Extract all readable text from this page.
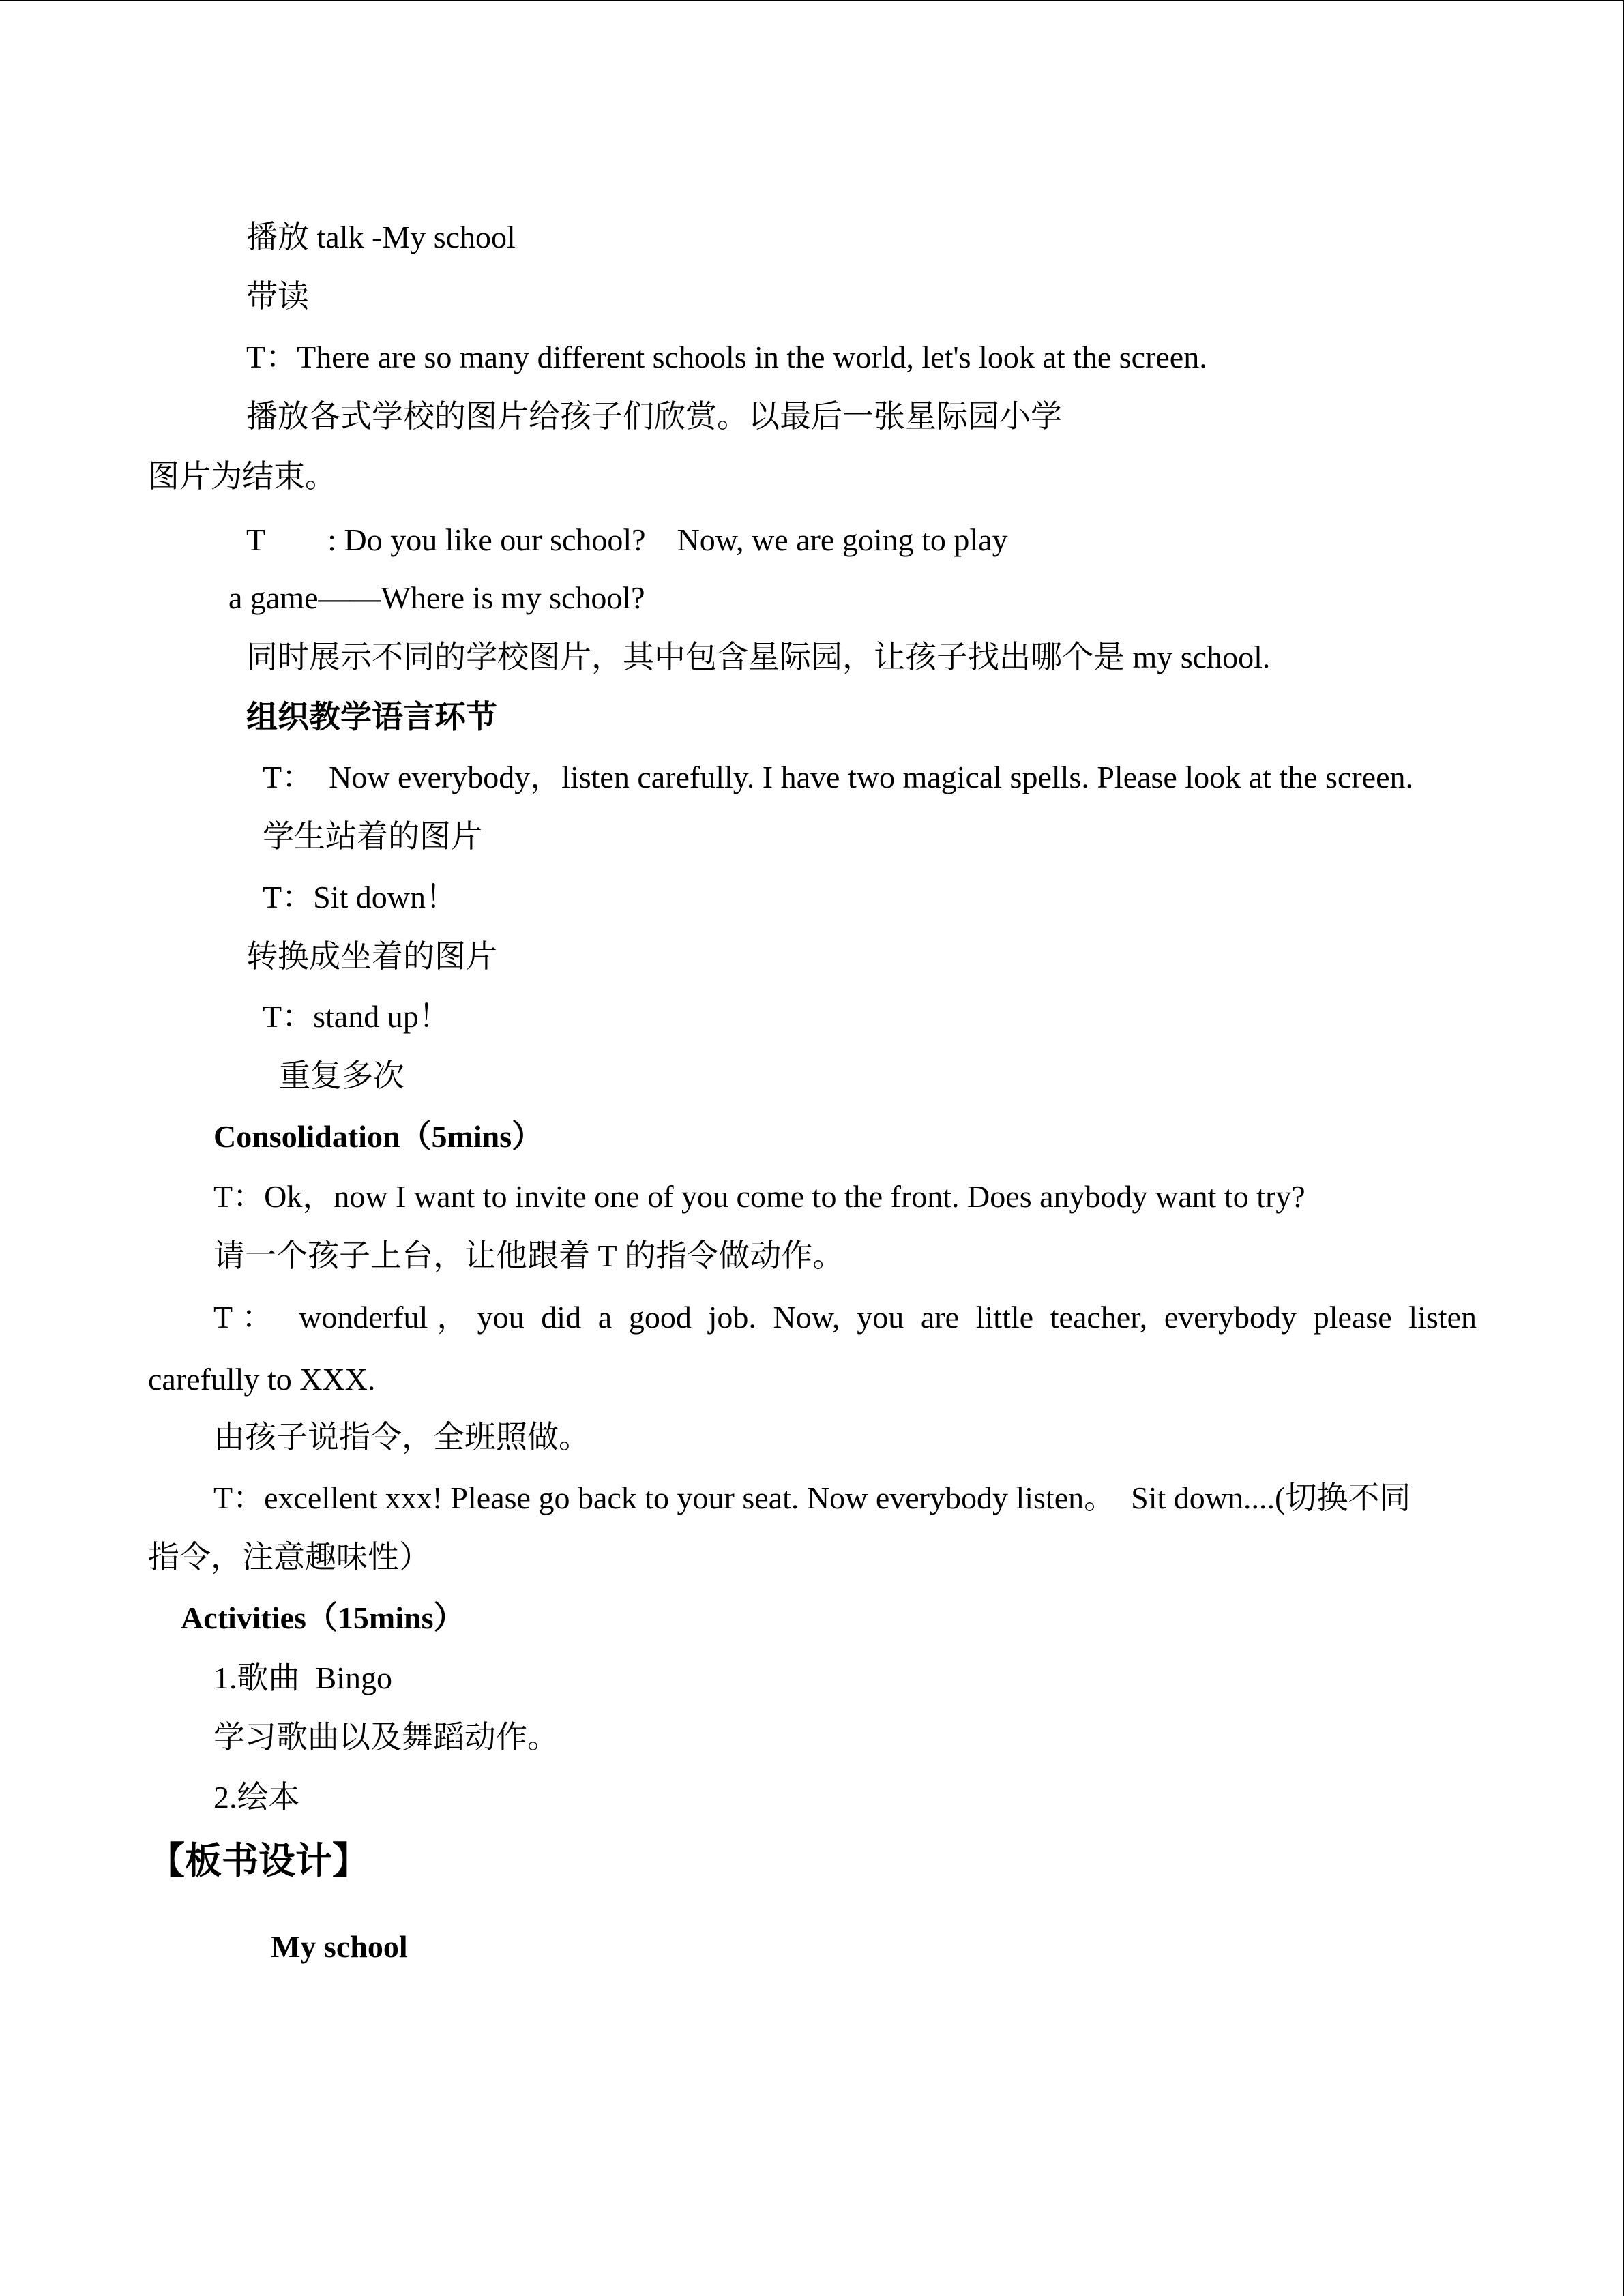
播放 talk -My school

带读

T：There are so many different schools in the world, let's look at the screen.

播放各式学校的图片给孩子们欣赏。以最后一张星际园小学

图片为结束。

T        : Do you like our school?    Now, we are going to play

a game——Where is my school?

同时展示不同的学校图片，其中包含星际园，让孩子找出哪个是 my school.

组织教学语言环节

T：  Now everybody，listen carefully. I have two magical spells. Please look at the screen.

学生站着的图片

T：Sit down！

转换成坐着的图片

T：stand up！

重复多次

Consolidation（5mins）

T：Ok，now I want to invite one of you come to the front. Does anybody want to try?

请一个孩子上台，让他跟着 T 的指令做动作。

T： wonderful，you did a good job. Now, you are little teacher, everybody please listen

carefully to XXX.

由孩子说指令，全班照做。

T：excellent xxx! Please go back to your seat. Now everybody listen。  Sit down....(切换不同

指令，注意趣味性）

Activities（15mins）

1.歌曲  Bingo

学习歌曲以及舞蹈动作。

2.绘本

【板书设计】

My school
